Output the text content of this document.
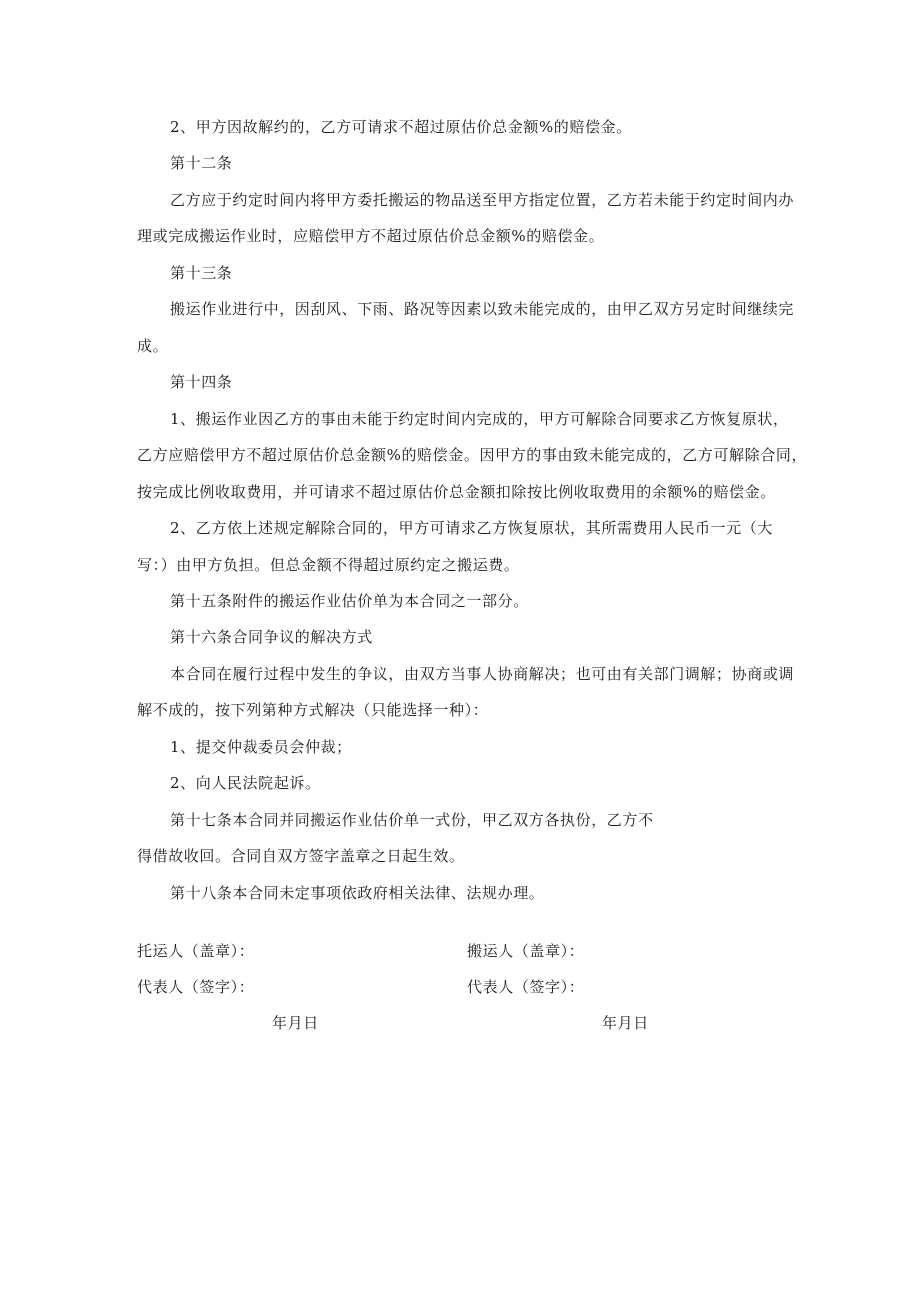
2、甲方因故解约的，乙方可请求不超过原估价总金额%的赔偿金。
第十二条
乙方应于约定时间内将甲方委托搬运的物品送至甲方指定位置，乙方若未能于约定时间内办
理或完成搬运作业时，应赔偿甲方不超过原估价总金额%的赔偿金。
第十三条
搬运作业进行中，因刮风、下雨、路况等因素以致未能完成的，由甲乙双方另定时间继续完
成。
第十四条
1、搬运作业因乙方的事由未能于约定时间内完成的，甲方可解除合同要求乙方恢复原状，
乙方应赔偿甲方不超过原估价总金额%的赔偿金。因甲方的事由致未能完成的，乙方可解除合同，
按完成比例收取费用，并可请求不超过原估价总金额扣除按比例收取费用的余额%的赔偿金。
2、乙方依上述规定解除合同的，甲方可请求乙方恢复原状，其所需费用人民币一元（大
写：）由甲方负担。但总金额不得超过原约定之搬运费。
第十五条附件的搬运作业估价单为本合同之一部分。
第十六条合同争议的解决方式
本合同在履行过程中发生的争议，由双方当事人协商解决；也可由有关部门调解；协商或调
解不成的，按下列第种方式解决（只能选择一种）：
1、提交仲裁委员会仲裁；
2、向人民法院起诉。
第十七条本合同并同搬运作业估价单一式份，甲乙双方各执份，乙方不
得借故收回。合同自双方签字盖章之日起生效。
第十八条本合同未定事项依政府相关法律、法规办理。
托运人（盖章）：	搬运人（盖章）：
代表人（签字）：	代表人（签字）：
年月日	年月日
